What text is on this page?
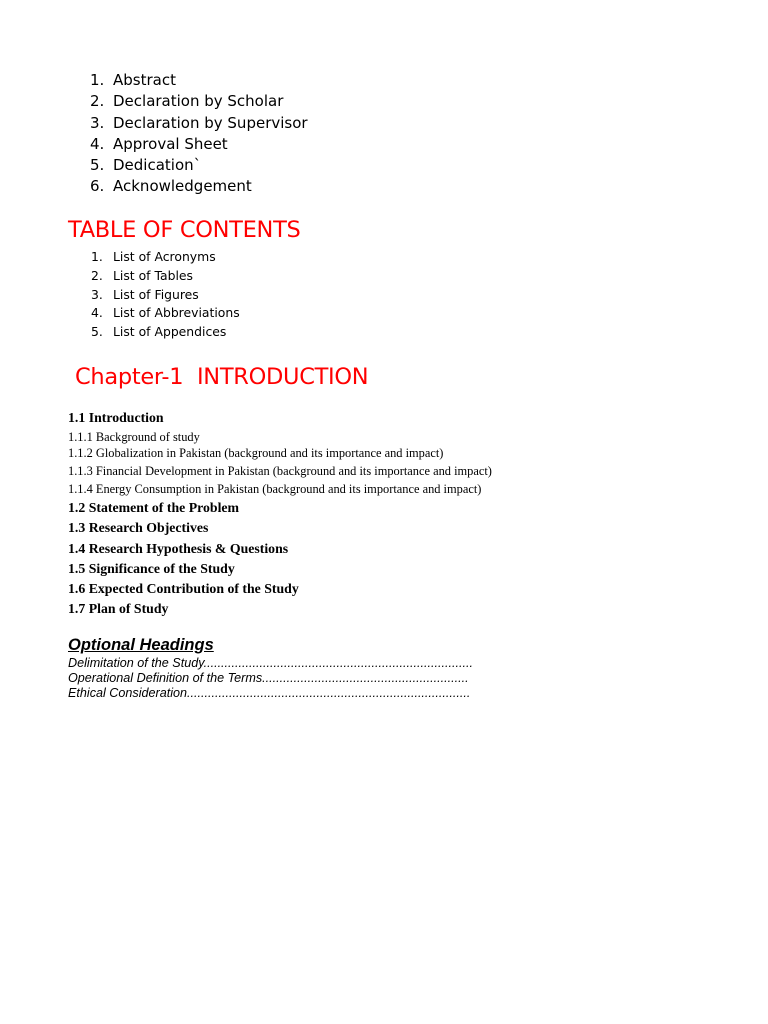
1. Abstract
2. Declaration by Scholar
3. Declaration by Supervisor
4. Approval Sheet
5. Dedication`
6. Acknowledgement
TABLE OF CONTENTS
1. List of Acronyms
2. List of Tables
3. List of Figures
4. List of Abbreviations
5. List of Appendices
Chapter-1  INTRODUCTION
1.1 Introduction
1.1.1 Background of study
1.1.2 Globalization in Pakistan (background and its importance and impact)
1.1.3 Financial Development in Pakistan (background and its importance and impact)
1.1.4 Energy Consumption in Pakistan (background and its importance and impact)
1.2 Statement of the Problem
1.3 Research Objectives
1.4 Research Hypothesis & Questions
1.5 Significance of the Study
1.6 Expected Contribution of the Study
1.7 Plan of Study
Optional Headings
Delimitation of the Study.............................................................................
Operational Definition of the Terms...........................................................
Ethical Consideration.................................................................................
